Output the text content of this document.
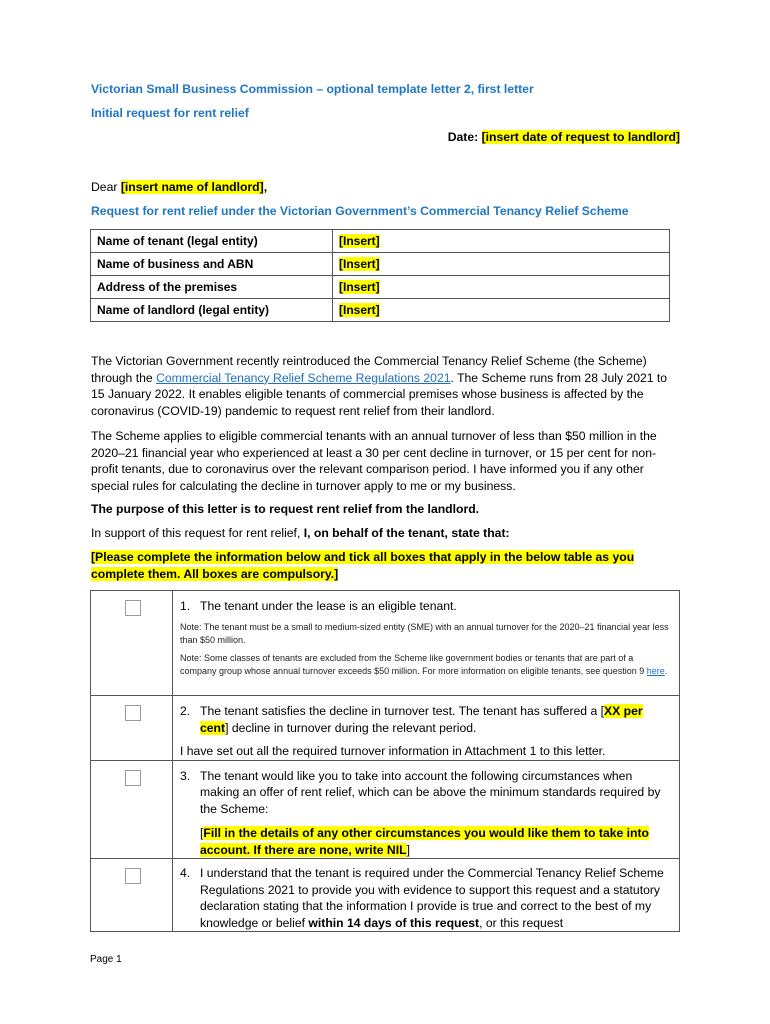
Victorian Small Business Commission – optional template letter 2, first letter

Initial request for rent relief

Date: [insert date of request to landlord]

Dear [insert name of landlord],

Request for rent relief under the Victorian Government’s Commercial Tenancy Relief Scheme

Name of tenant (legal entity)	[Insert]
Name of business and ABN	[Insert]
Address of the premises	[Insert]
Name of landlord (legal entity)	[Insert]

The Victorian Government recently reintroduced the Commercial Tenancy Relief Scheme (the Scheme) through the Commercial Tenancy Relief Scheme Regulations 2021. The Scheme runs from 28 July 2021 to 15 January 2022. It enables eligible tenants of commercial premises whose business is affected by the coronavirus (COVID-19) pandemic to request rent relief from their landlord.

The Scheme applies to eligible commercial tenants with an annual turnover of less than $50 million in the 2020–21 financial year who experienced at least a 30 per cent decline in turnover, or 15 per cent for non-profit tenants, due to coronavirus over the relevant comparison period. I have informed you if any other special rules for calculating the decline in turnover apply to me or my business.

The purpose of this letter is to request rent relief from the landlord.

In support of this request for rent relief, I, on behalf of the tenant, state that:

[Please complete the information below and tick all boxes that apply in the below table as you complete them. All boxes are compulsory.]

	1. The tenant under the lease is an eligible tenant.
Note: The tenant must be a small to medium-sized entity (SME) with an annual turnover for the 2020–21 financial year less than $50 million.
Note: Some classes of tenants are excluded from the Scheme like government bodies or tenants that are part of a company group whose annual turnover exceeds $50 million. For more information on eligible tenants, see question 9 here.

	2. The tenant satisfies the decline in turnover test. The tenant has suffered a [XX per cent] decline in turnover during the relevant period.
I have set out all the required turnover information in Attachment 1 to this letter.

	3. The tenant would like you to take into account the following circumstances when making an offer of rent relief, which can be above the minimum standards required by the Scheme:
[Fill in the details of any other circumstances you would like them to take into account. If there are none, write NIL]

	4. I understand that the tenant is required under the Commercial Tenancy Relief Scheme Regulations 2021 to provide you with evidence to support this request and a statutory declaration stating that the information I provide is true and correct to the best of my knowledge or belief within 14 days of this request, or this request
Page 1
